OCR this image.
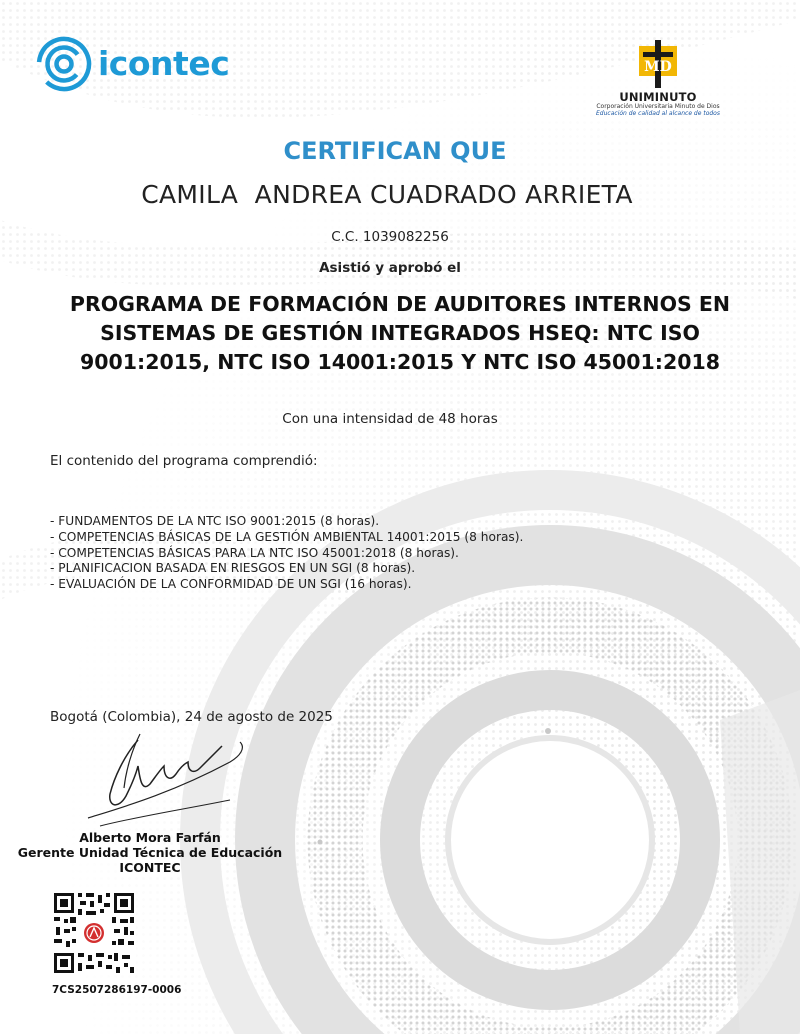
icontec	MD
UNIMINUTO
Corporación Universitaria Minuto de Dios
Educación de calidad al alcance de todos
CERTIFICAN QUE
CAMILA  ANDREA CUADRADO ARRIETA
C.C. 1039082256
Asistió y aprobó el
PROGRAMA DE FORMACIÓN DE AUDITORES INTERNOS EN
SISTEMAS DE GESTIÓN INTEGRADOS HSEQ: NTC ISO
9001:2015, NTC ISO 14001:2015 Y NTC ISO 45001:2018
Con una intensidad de 48 horas
El contenido del programa comprendió:
- FUNDAMENTOS DE LA NTC ISO 9001:2015 (8 horas).
- COMPETENCIAS BÁSICAS DE LA GESTIÓN AMBIENTAL 14001:2015 (8 horas).
- COMPETENCIAS BÁSICAS PARA LA NTC ISO 45001:2018 (8 horas).
- PLANIFICACION BASADA EN RIESGOS EN UN SGI (8 horas).
- EVALUACIÓN DE LA CONFORMIDAD DE UN SGI (16 horas).
Bogotá (Colombia), 24 de agosto de 2025
Alberto Mora Farfán
Gerente Unidad Técnica de Educación ICONTEC
7CS2507286197-0006
